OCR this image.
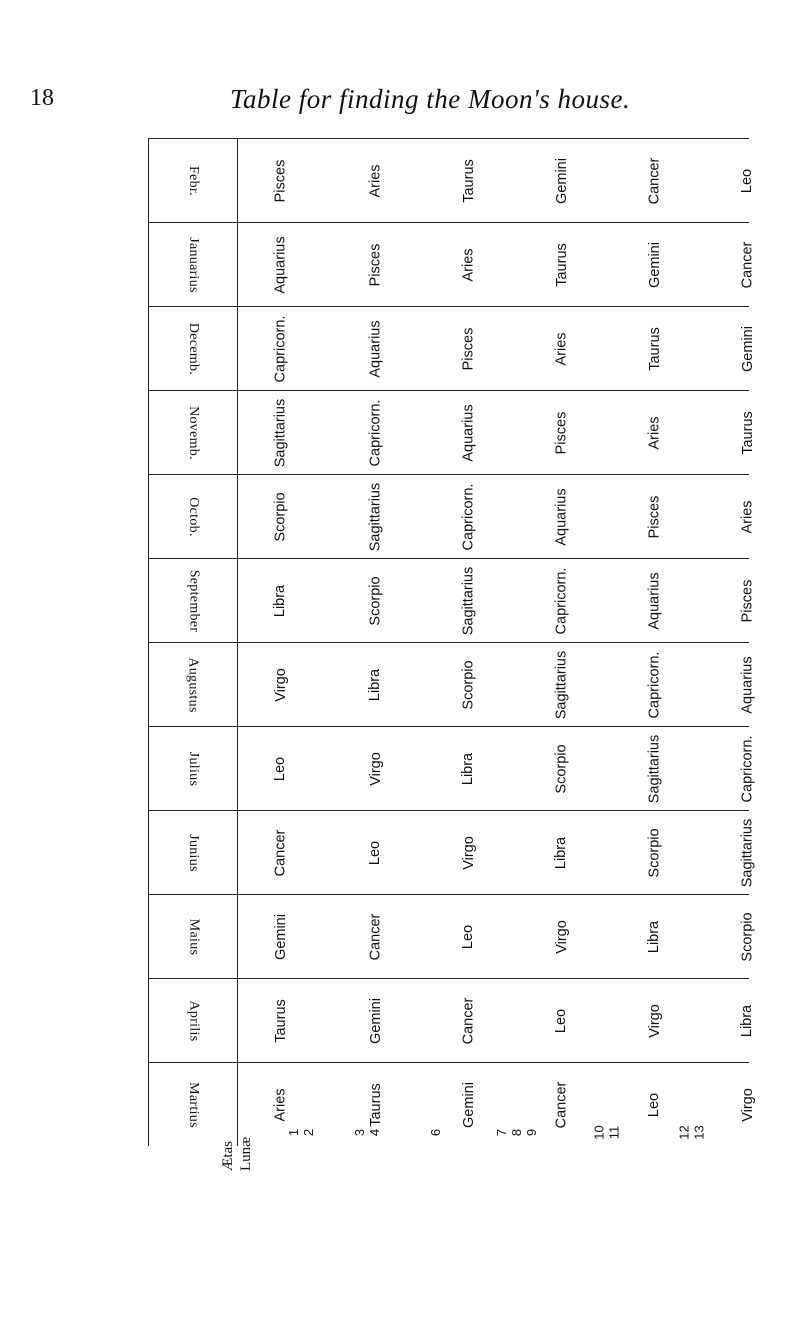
18	Table for finding the Moon's house.
Febr.	Pisces	Aries	Taurus	Gemini	Cancer	Leo
Januarius	Aquarius	Pisces	Aries	Taurus	Gemini	Cancer
Decemb.	Capricorn.	Aquarius	Pisces	Aries	Taurus	Gemini
Novemb.	Sagittarius	Capricorn.	Aquarius	Pisces	Aries	Taurus
Octob.	Scorpio	Sagittarius	Capricorn.	Aquarius	Pisces	Aries
September	Libra	Scorpio	Sagittarius	Capricorn.	Aquarius	Pisces
Augustus	Virgo	Libra	Scorpio	Sagittarius	Capricorn.	Aquarius
Julius	Leo	Virgo	Libra	Scorpio	Sagittarius	Capricorn.
Junius	Cancer	Leo	Virgo	Libra	Scorpio	Sagittarius
Maius	Gemini	Cancer	Leo	Virgo	Libra	Scorpio
Aprilis	Taurus	Gemini	Cancer	Leo	Virgo	Libra
Martius	Aries	Taurus	Gemini	Cancer	Leo	Virgo
Ætas Lunæ
1 2	3 4	6	7 8 9	10 11	12 13
